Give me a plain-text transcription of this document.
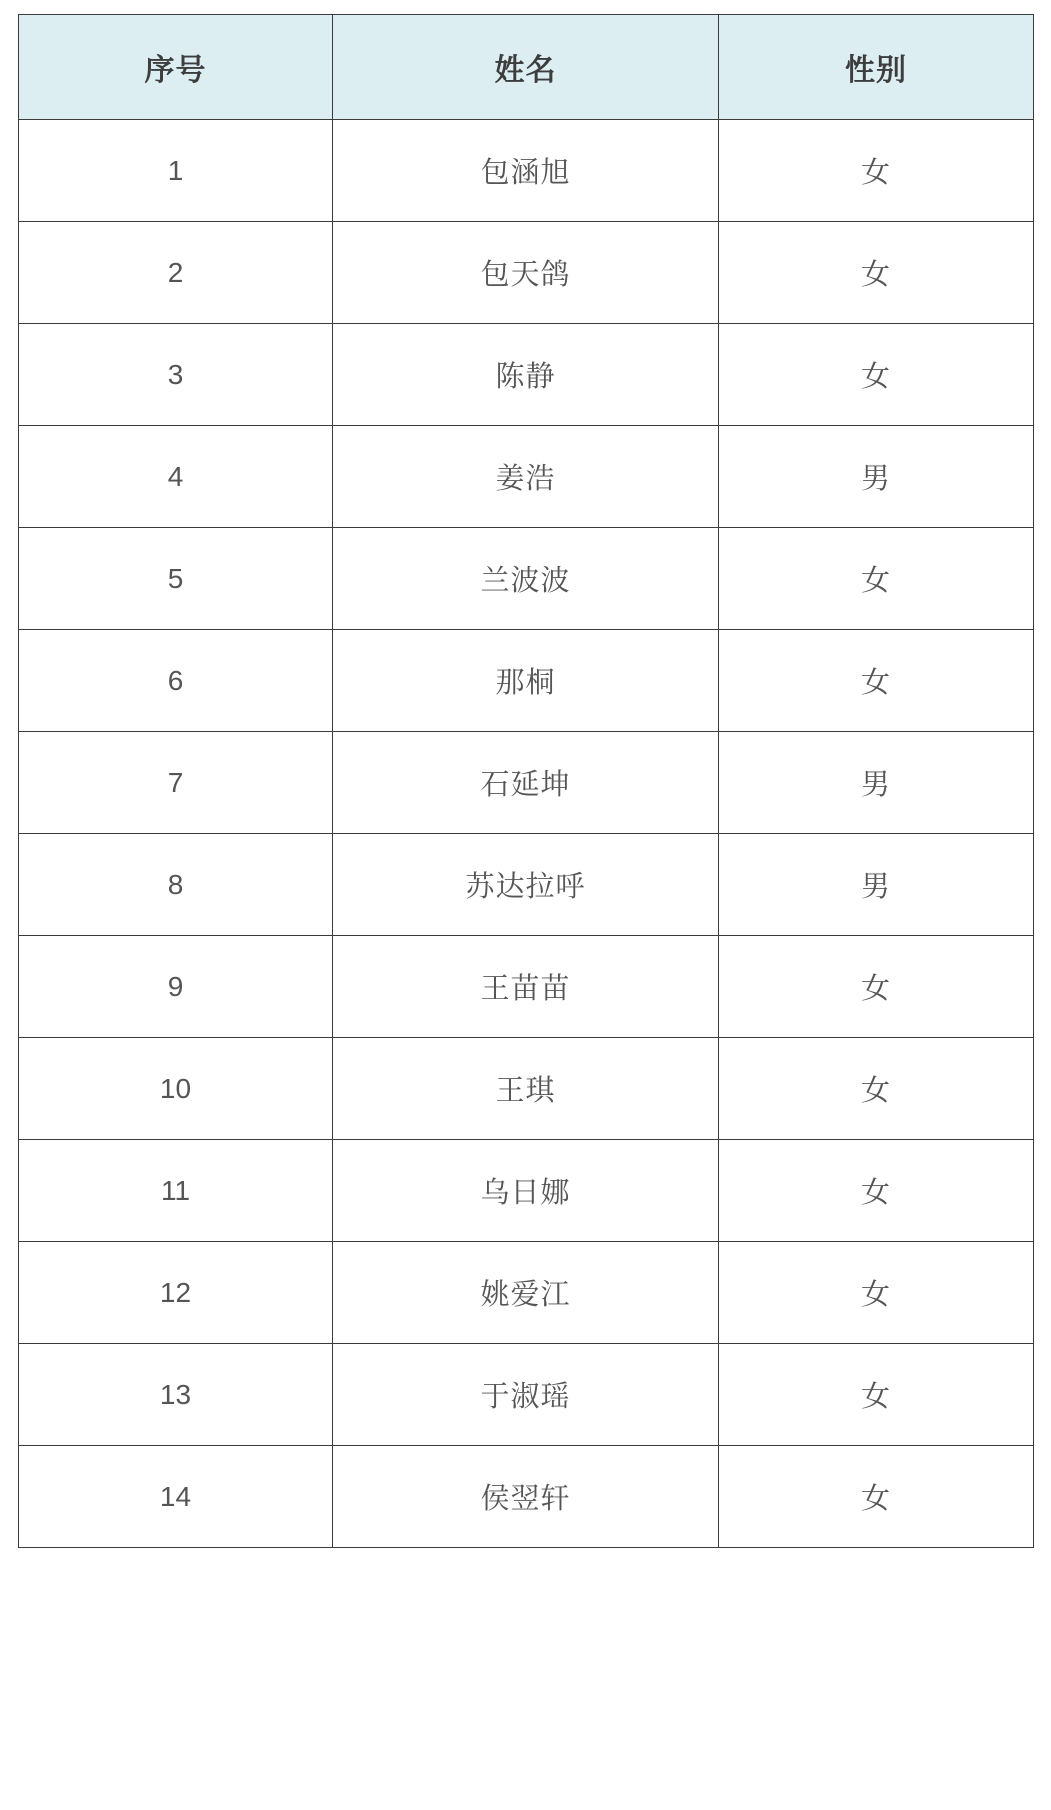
序号	姓名	性别
1	包涵旭	女
2	包天鸽	女
3	陈静	女
4	姜浩	男
5	兰波波	女
6	那桐	女
7	石延坤	男
8	苏达拉呼	男
9	王苗苗	女
10	王琪	女
11	乌日娜	女
12	姚爱江	女
13	于淑瑶	女
14	侯翌轩	女
